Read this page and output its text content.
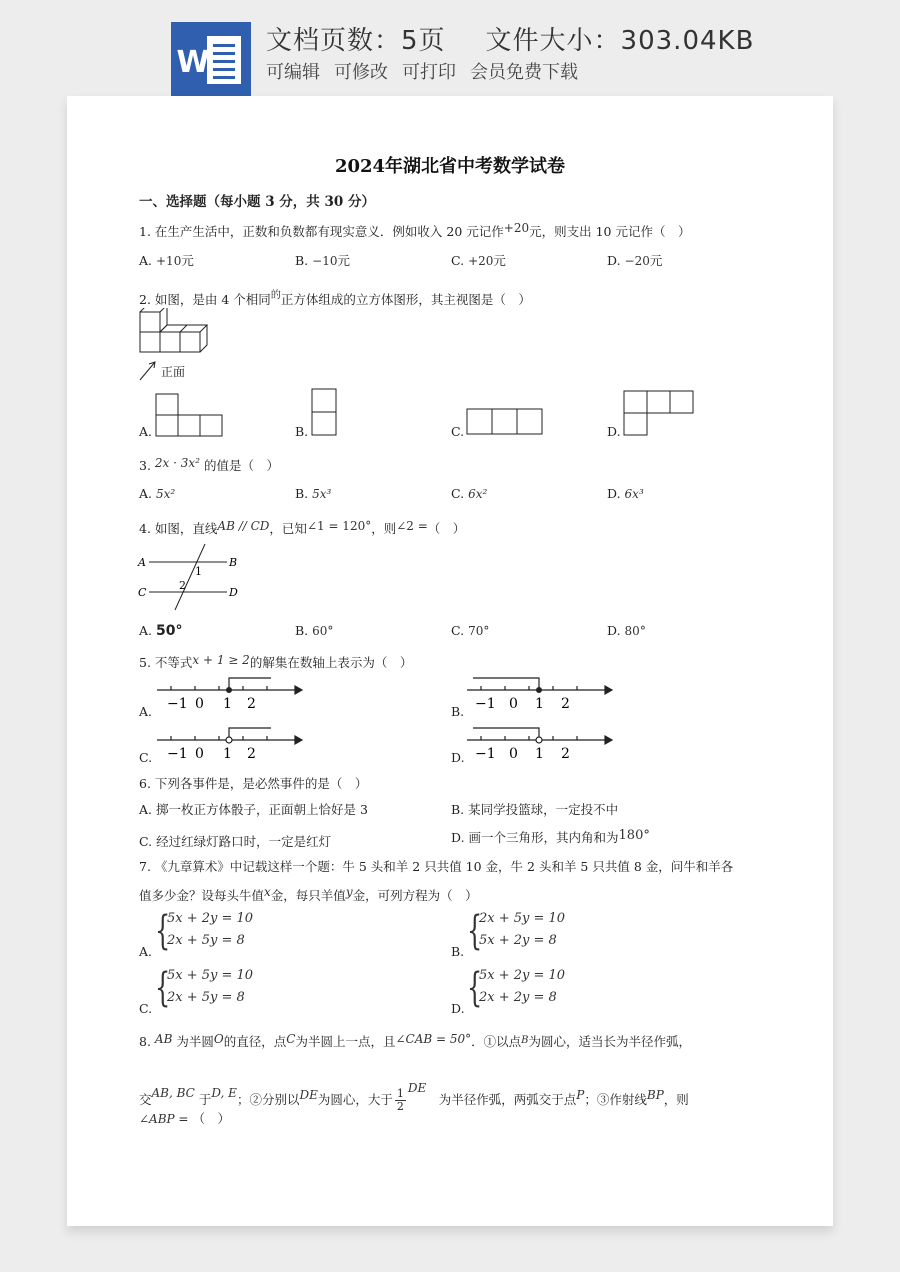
W
文档页数：5页 文件大小：303.04KB
可编辑 可修改 可打印 会员免费下载
2024年湖北省中考数学试卷
一、选择题（每小题 3 分，共 30 分）
1. 在生产生活中，正数和负数都有现实意义．例如收入 20 元记作+20元，则支出 10 元记作（　）
A. +10元	B. −10元	C. +20元	D. −20元
2. 如图，是由 4 个相同$^的$正方体组成的立方体图形，其主视图是（　）
正面
A.	B.	C.	D.
3. 2x · 3x² 的值是（　）
A. 5x²	B. 5x³	C. 6x²	D. 6x³
4. 如图，直线AB // CD，已知∠1 = 120°，则∠2 =（　）
A	B
C	D
1
2
A. 50°	B. 60°	C. 70°	D. 80°
5. 不等式x + 1 ≥ 2的解集在数轴上表示为（　）
A. −1 0 1 2	B. −1 0 1 2
C. −1 0 1 2	D. −1 0 1 2
6. 下列各事件是，是必然事件的是（　）
A. 掷一枚正方体骰子，正面朝上恰好是 3	B. 某同学投篮球，一定投不中
C. 经过红绿灯路口时，一定是红灯	D. 画一个三角形，其内角和为180°
7. 《九章算术》中记载这样一个题：牛 5 头和羊 2 只共值 10 金，牛 2 头和羊 5 只共值 8 金，问牛和羊各
值多少金？设每头牛值x金，每只羊值y金，可列方程为（　）
A. {
5x + 2y = 10
2x + 5y = 8
B. {
2x + 5y = 10
5x + 2y = 8
C. {
5x + 5y = 10
2x + 5y = 8
D. {
5x + 2y = 10
2x + 2y = 8
8. AB 为半圆O的直径，点C为半圆上一点，且∠CAB = 50°．①以点$^B$为圆心，适当长为半径作弧，
交AB, BC 于D, E；②分别以DE为圆心，大于 $\frac{1}{2}$ DE　为半径作弧，两弧交于点P；③作射线BP，则
∠ABP = （　）
